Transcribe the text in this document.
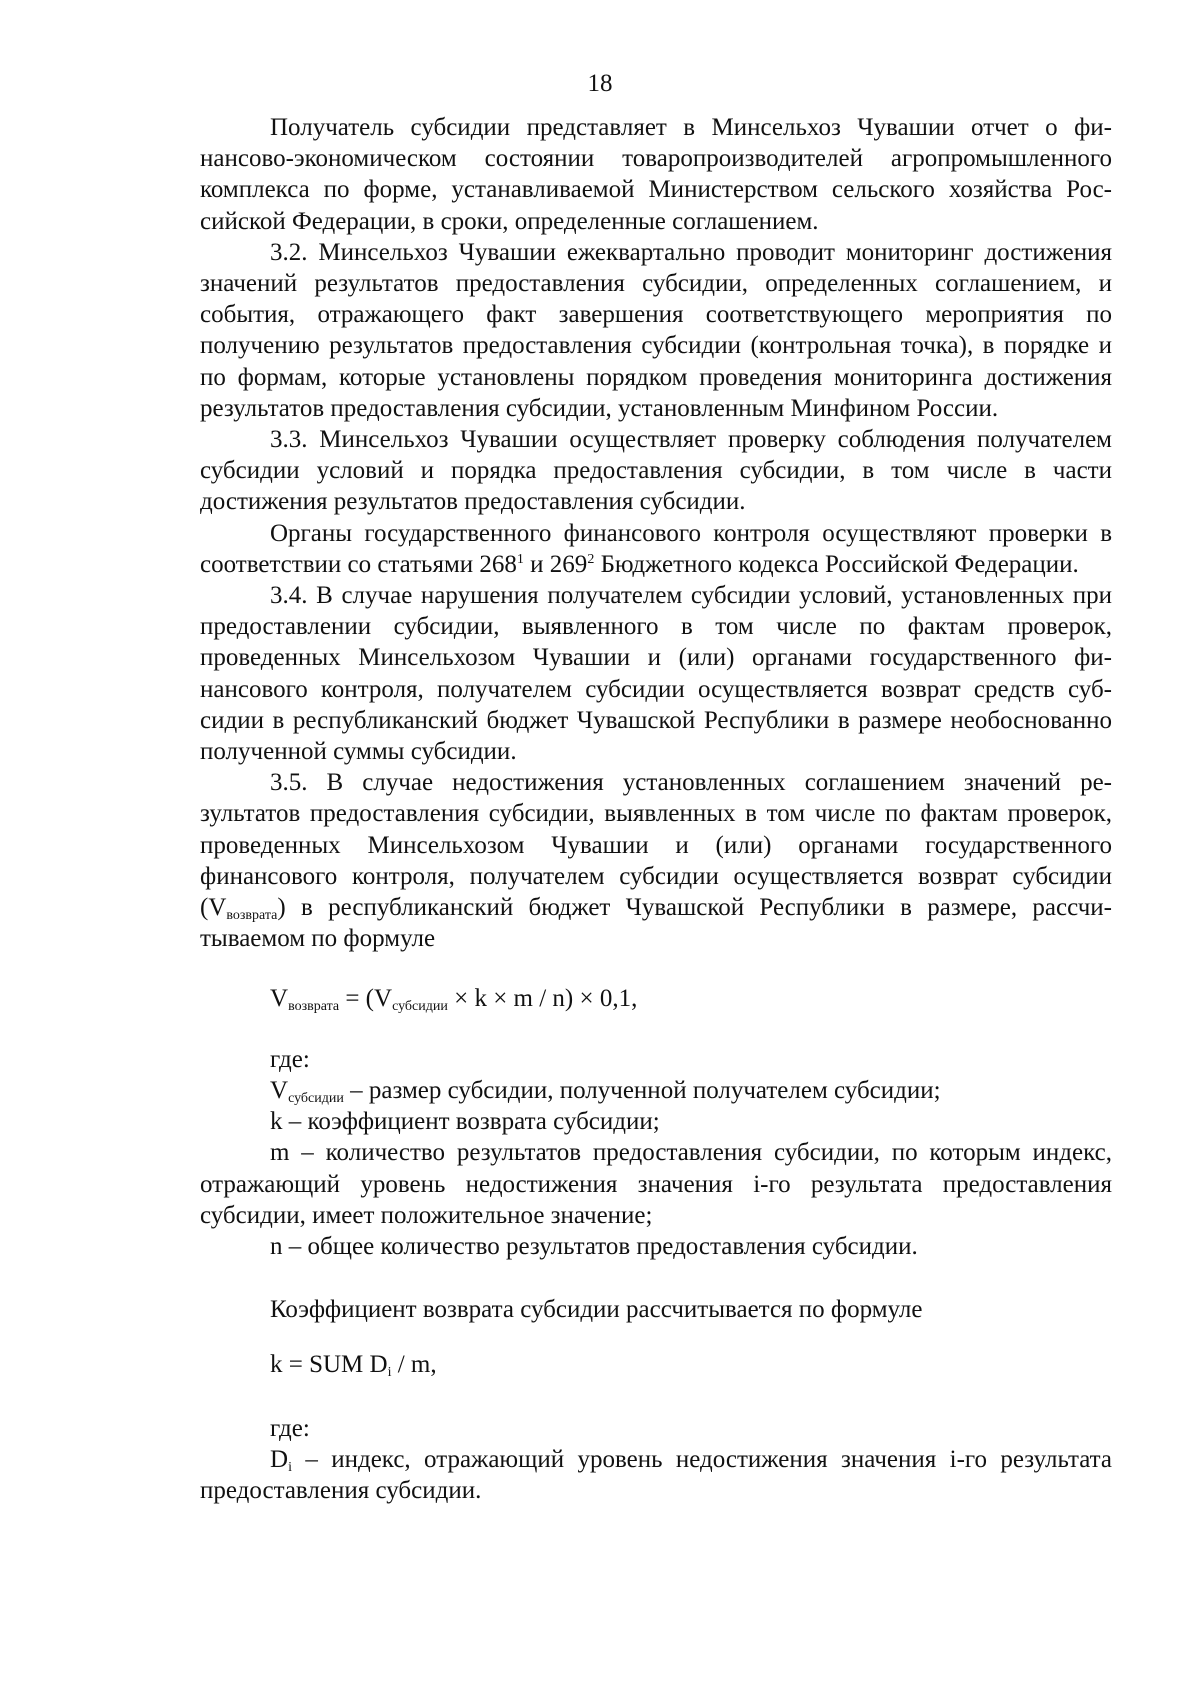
18

Получатель субсидии представляет в Минсельхоз Чувашии отчет о финансово-экономическом состоянии товаропроизводителей агропромышленного комплекса по форме, устанавливаемой Министерством сельского хозяйства Российской Федерации, в сроки, определенные соглашением.

3.2. Минсельхоз Чувашии ежеквартально проводит мониторинг достижения значений результатов предоставления субсидии, определенных соглашением, и события, отражающего факт завершения соответствующего мероприятия по получению результатов предоставления субсидии (контрольная точка), в порядке и по формам, которые установлены порядком проведения мониторинга достижения результатов предоставления субсидии, установленным Минфином России.

3.3. Минсельхоз Чувашии осуществляет проверку соблюдения получателем субсидии условий и порядка предоставления субсидии, в том числе в части достижения результатов предоставления субсидии.

Органы государственного финансового контроля осуществляют проверки в соответствии со статьями $268^1$ и $269^2$ Бюджетного кодекса Российской Федерации.

3.4. В случае нарушения получателем субсидии условий, установленных при предоставлении субсидии, выявленного в том числе по фактам проверок, проведенных Минсельхозом Чувашии и (или) органами государственного финансового контроля, получателем субсидии осуществляется возврат средств субсидии в республиканский бюджет Чувашской Республики в размере необоснованно полученной суммы субсидии.

3.5. В случае недостижения установленных соглашением значений результатов предоставления субсидии, выявленных в том числе по фактам проверок, проведенных Минсельхозом Чувашии и (или) органами государственного финансового контроля, получателем субсидии осуществляется возврат субсидии $(V_{возврата})$ в республиканский бюджет Чувашской Республики в размере, рассчитываемом по формуле

$V_{возврата} = (V_{субсидии} \times k \times m / n) \times 0,1$,
где:

$V_{субсидии}$ – размер субсидии, полученной получателем субсидии;

k – коэффициент возврата субсидии;

m – количество результатов предоставления субсидии, по которым индекс, отражающий уровень недостижения значения i-го результата предоставления субсидии, имеет положительное значение;

n – общее количество результатов предоставления субсидии.

Коэффициент возврата субсидии рассчитывается по формуле

k = SUM $D_i$ / m,
где:

$D_i$ – индекс, отражающий уровень недостижения значения i-го результата предоставления субсидии.
